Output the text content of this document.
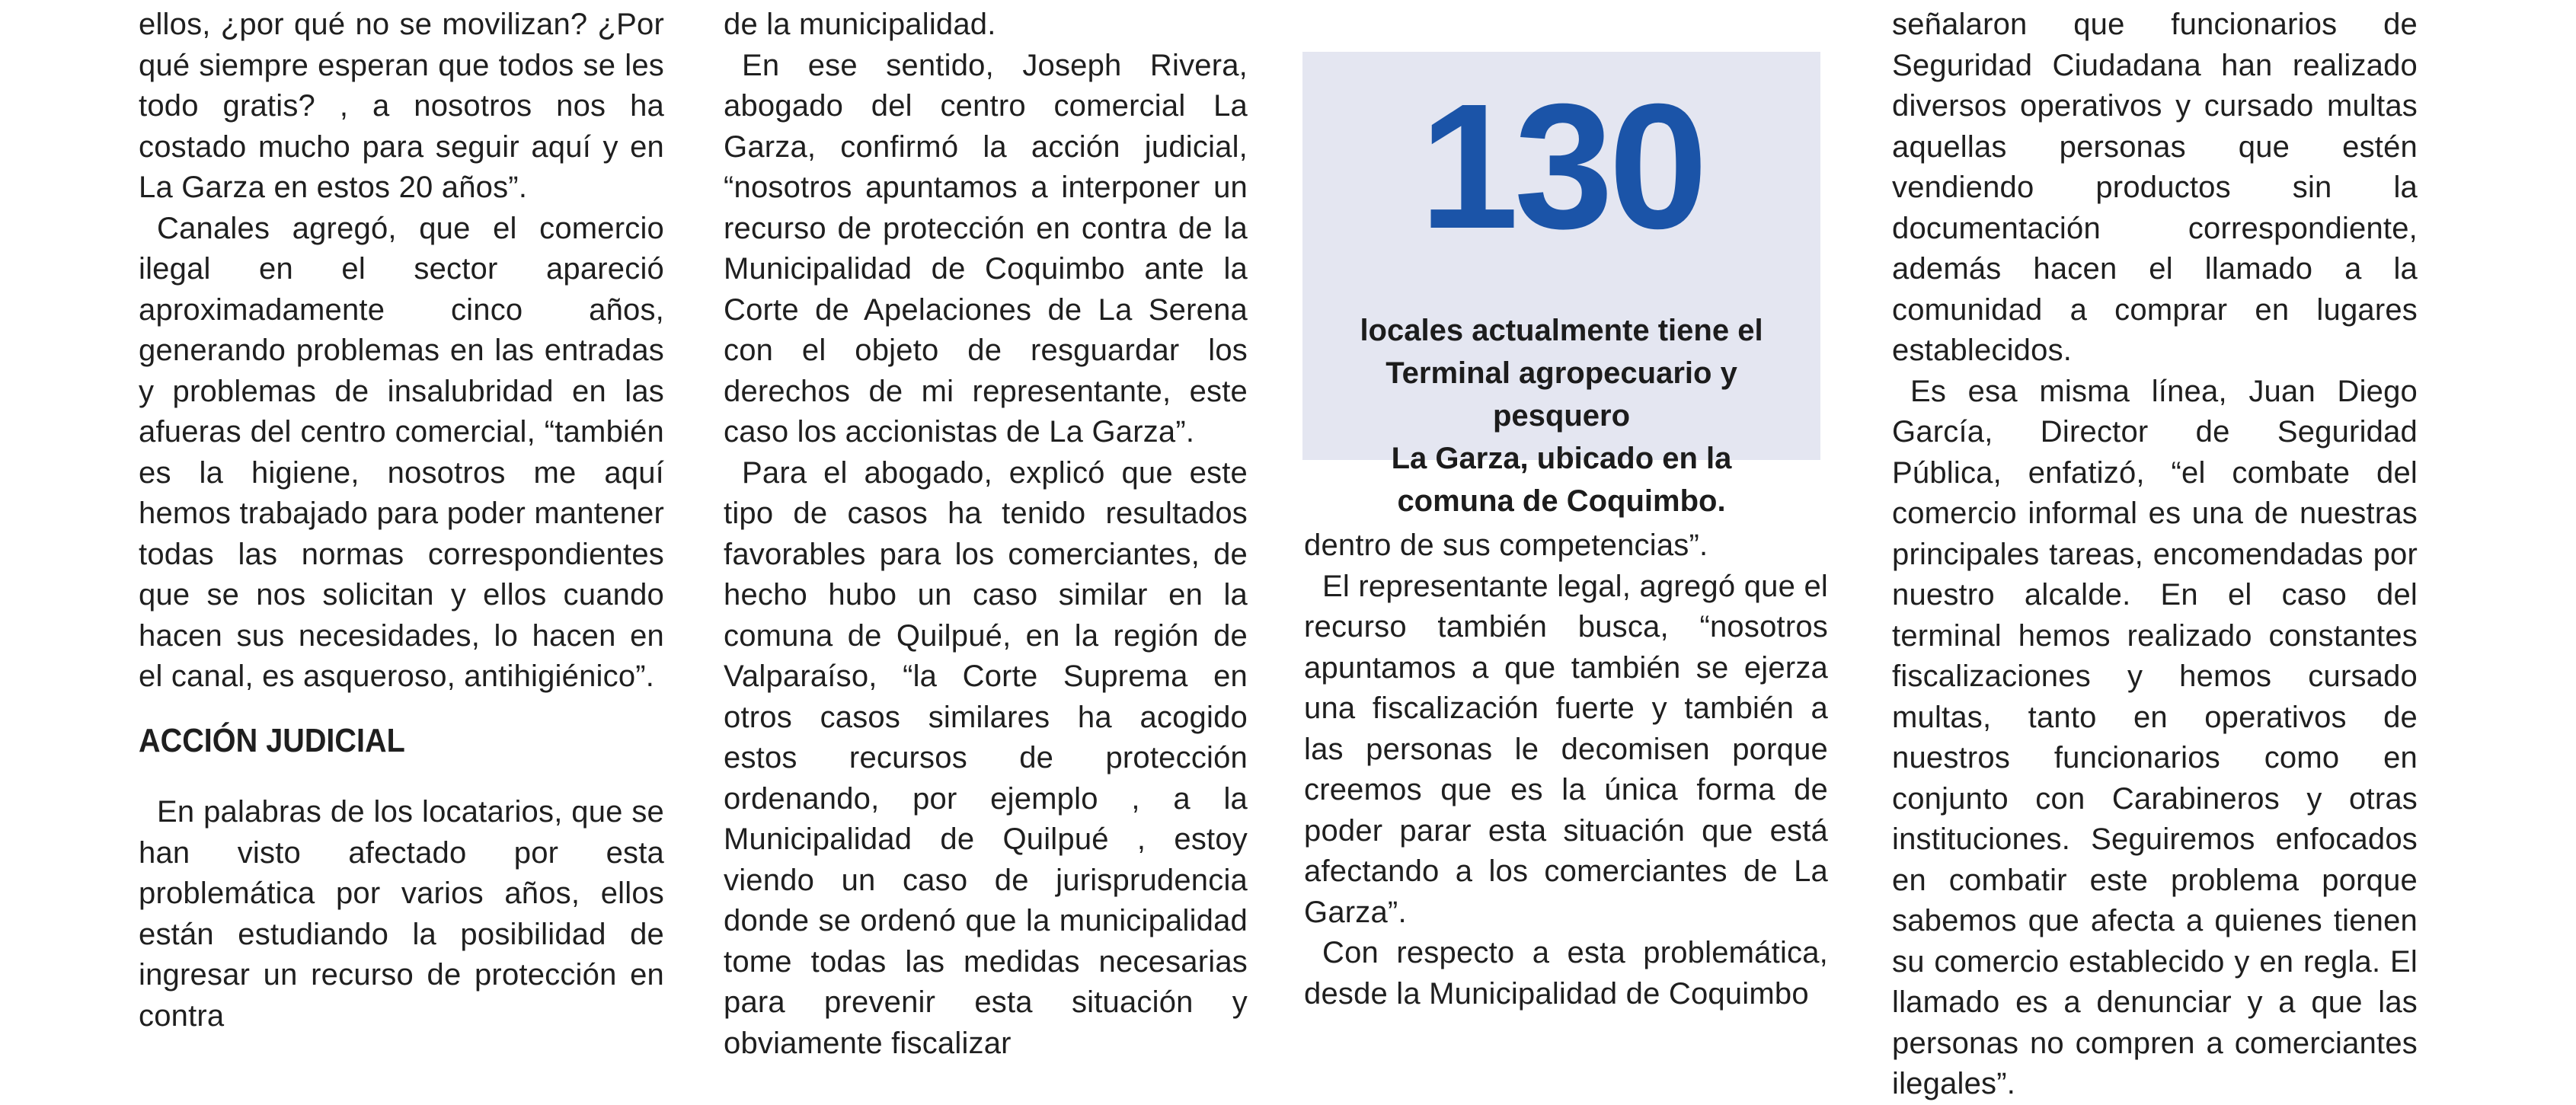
ellos, ¿por qué no se movilizan? ¿Por qué siempre esperan que todos se les todo gratis? , a nosotros nos ha costado mucho para seguir aquí y en La Garza en estos 20 años”.

Canales agregó, que el comercio ilegal en el sector apareció aproximadamente cinco años, generando problemas en las entradas y problemas de insalubridad en las afueras del centro comercial, “también es la higiene, nosotros me aquí hemos trabajado para poder mantener todas las normas correspondientes que se nos solicitan y ellos cuando hacen sus necesidades, lo hacen en el canal, es asqueroso, antihigiénico”.

ACCIÓN JUDICIAL

En palabras de los locatarios, que se han visto afectado por esta problemática por varios años, ellos están estudiando la posibilidad de ingresar un recurso de protección en contra

de la municipalidad.

En ese sentido, Joseph Rivera, abogado del centro comercial La Garza, confirmó la acción judicial, “nosotros apuntamos a interponer un recurso de protección en contra de la Municipalidad de Coquimbo ante la Corte de Apelaciones de La Serena con el objeto de resguardar los derechos de mi representante, este caso los accionistas de La Garza”.

Para el abogado, explicó que este tipo de casos ha tenido resultados favorables para los comerciantes, de hecho hubo un caso similar en la comuna de Quilpué, en la región de Valparaíso, “la Corte Suprema en otros casos similares ha acogido estos recursos de protección ordenando, por ejemplo , a la Municipalidad de Quilpué , estoy viendo un caso de jurisprudencia donde se ordenó que la municipalidad tome todas las medidas necesarias para prevenir esta situación y obviamente fiscalizar

130

locales actualmente tiene el Terminal agropecuario y pesquero
La Garza, ubicado en la comuna de Coquimbo.

dentro de sus competencias”.

El representante legal, agregó que el recurso también busca, “nosotros apuntamos a que también se ejerza una fiscalización fuerte y también a las personas le decomisen porque creemos que es la única forma de poder parar esta situación que está afectando a los comerciantes de La Garza”.

Con respecto a esta problemática, desde la Municipalidad de Coquimbo

señalaron que funcionarios de Seguridad Ciudadana han realizado diversos operativos y cursado multas aquellas personas que estén vendiendo productos sin la documentación correspondiente, además hacen el llamado a la comunidad a comprar en lugares establecidos.

Es esa misma línea, Juan Diego García, Director de Seguridad Pública, enfatizó, “el combate del comercio informal es una de nuestras principales tareas, encomendadas por nuestro alcalde. En el caso del terminal hemos realizado constantes fiscalizaciones y hemos cursado multas, tanto en operativos de nuestros funcionarios como en conjunto con Carabineros y otras instituciones. Seguiremos enfocados en combatir este problema porque sabemos que afecta a quienes tienen su comercio establecido y en regla. El llamado es a denunciar y a que las personas no compren a comerciantes ilegales”.
